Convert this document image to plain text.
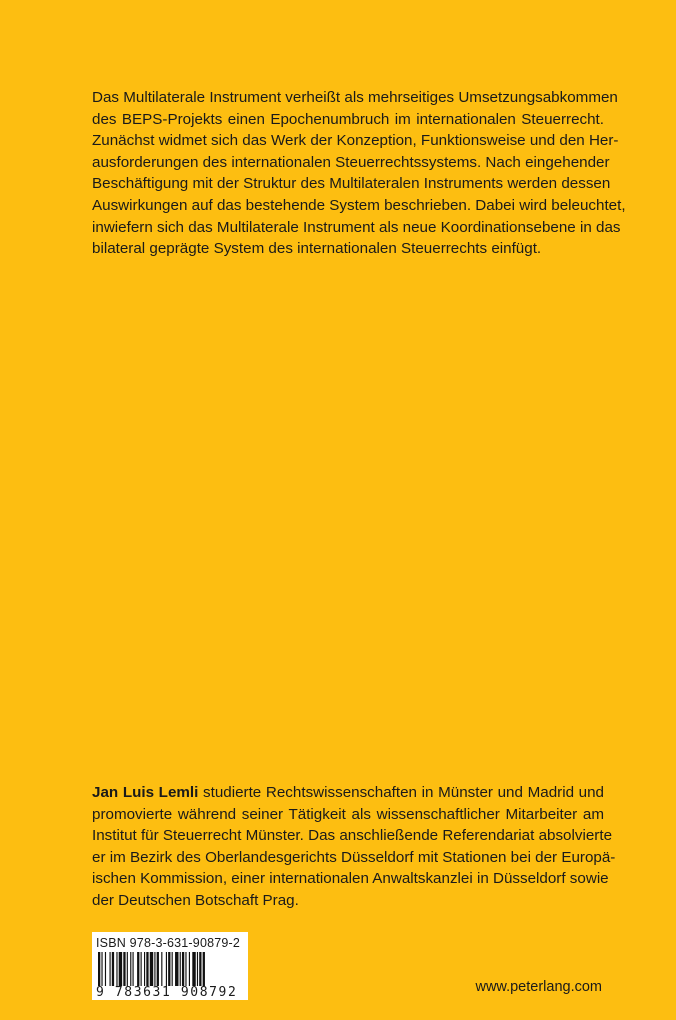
Das Multilaterale Instrument verheißt als mehrseitiges Umsetzungsabkommen
des BEPS-Projekts einen Epochenumbruch im internationalen Steuerrecht.
Zunächst widmet sich das Werk der Konzeption, Funktionsweise und den Her-
ausforderungen des internationalen Steuerrechtssystems. Nach eingehender
Beschäftigung mit der Struktur des Multilateralen Instruments werden dessen
Auswirkungen auf das bestehende System beschrieben. Dabei wird beleuchtet,
inwiefern sich das Multilaterale Instrument als neue Koordinationsebene in das
bilateral geprägte System des internationalen Steuerrechts einfügt.
Jan Luis Lemli studierte Rechtswissenschaften in Münster und Madrid und
promovierte während seiner Tätigkeit als wissenschaftlicher Mitarbeiter am
Institut für Steuerrecht Münster. Das anschließende Referendariat absolvierte
er im Bezirk des Oberlandesgerichts Düsseldorf mit Stationen bei der Europä-
ischen Kommission, einer internationalen Anwaltskanzlei in Düsseldorf sowie
der Deutschen Botschaft Prag.
ISBN 978-3-631-90879-2
9 783631 908792	www.peterlang.com
